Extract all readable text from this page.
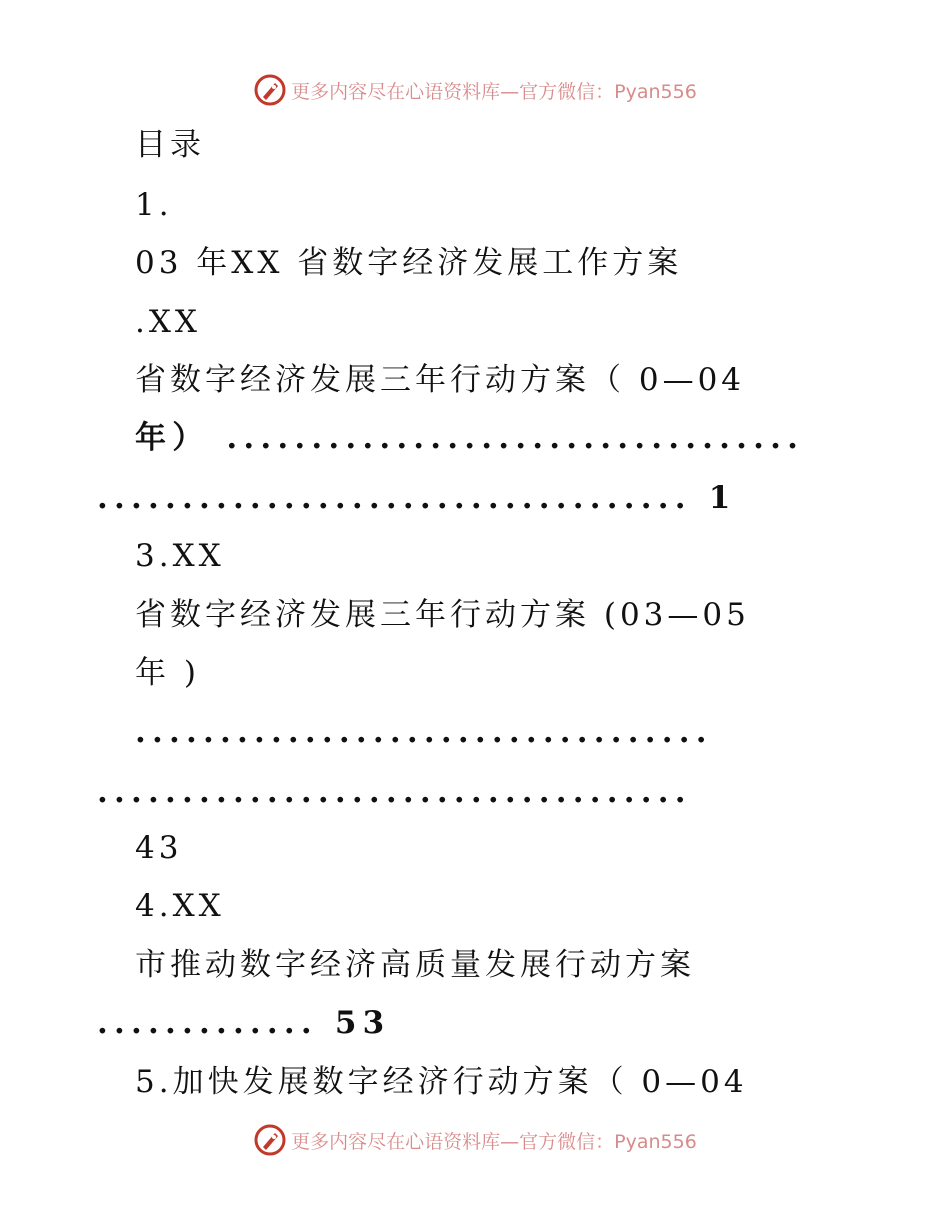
更多内容尽在心语资料库—官方微信：Pyan556
目录
1.
03 年XX 省数字经济发展工作方案
.XX
省数字经济发展三年行动方案（ 0—04
年） ..................................
................................... 1
3.XX
省数字经济发展三年行动方案 (03—05
年 )
..................................
...................................
43
4.XX
市推动数字经济高质量发展行动方案
............. 53
5.加快发展数字经济行动方案（ 0—04
更多内容尽在心语资料库—官方微信：Pyan556
